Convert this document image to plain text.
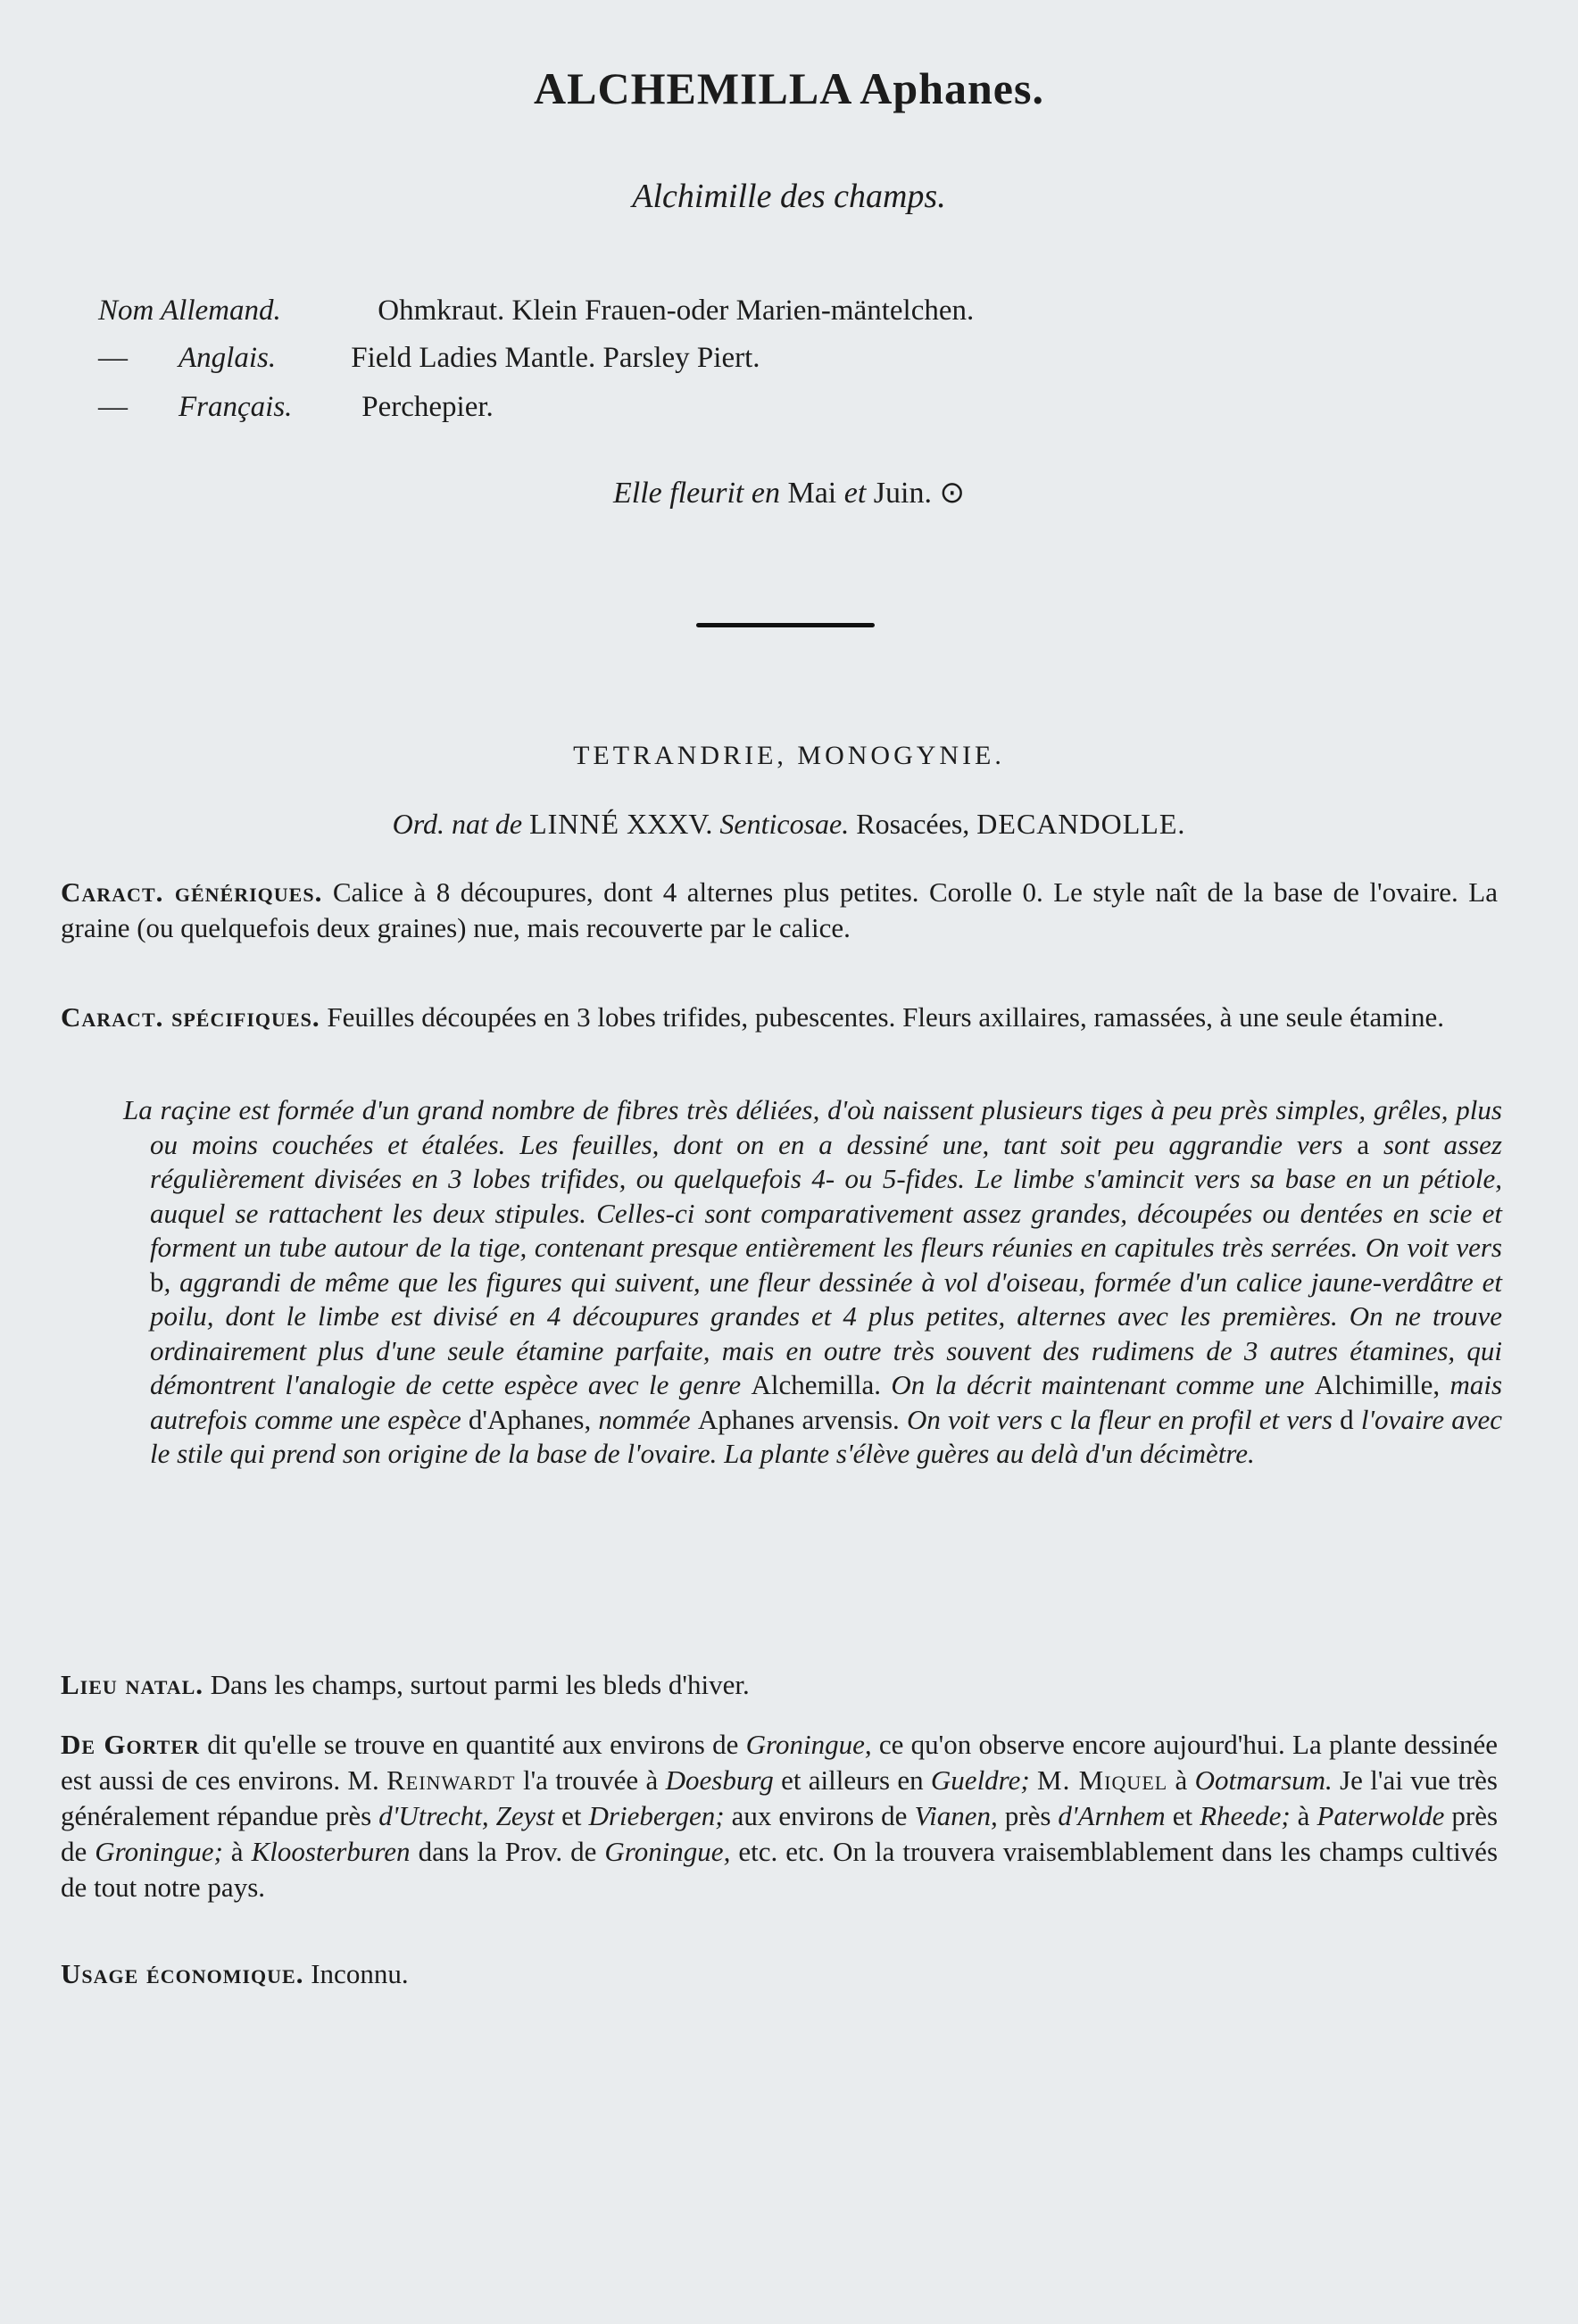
ALCHEMILLA Aphanes.
Alchimille des champs.
Nom Allemand.	Ohmkraut. Klein Frauen-oder Marien-mäntelchen.
— Anglais.	Field Ladies Mantle. Parsley Piert.
— Français. Perchepier.
Elle fleurit en Mai et Juin. ⊙
TETRANDRIE, MONOGYNIE.
Ord. nat de LINNÉ XXXV. Senticosae. Rosacées, DECANDOLLE.
Caract. génériques. Calice à 8 découpures, dont 4 alternes plus petites. Corolle 0. Le style naît de la base de l'ovaire. La graine (ou quelquefois deux graines) nue, mais recouverte par le calice.
Caract. spécifiques. Feuilles découpées en 3 lobes trifides, pubescentes. Fleurs axillaires, ramassées, à une seule étamine.
La raçine est formée d'un grand nombre de fibres très déliées, d'où naissent plusieurs tiges à peu près simples, grêles, plus ou moins couchées et étalées. Les feuilles, dont on en a dessiné une, tant soit peu aggrandie vers a sont assez régulièrement divisées en 3 lobes trifides, ou quelquefois 4- ou 5-fides. Le limbe s'amincit vers sa base en un pétiole, auquel se rattachent les deux stipules. Celles-ci sont comparativement assez grandes, découpées ou dentées en scie et forment un tube autour de la tige, contenant presque entièrement les fleurs réunies en capitules très serrées. On voit vers b, aggrandi de même que les figures qui suivent, une fleur dessinée à vol d'oiseau, formée d'un calice jaune-verdâtre et poilu, dont le limbe est divisé en 4 découpures grandes et 4 plus petites, alternes avec les premières. On ne trouve ordinairement plus d'une seule étamine parfaite, mais en outre très souvent des rudimens de 3 autres étamines, qui démontrent l'analogie de cette espèce avec le genre Alchemilla. On la décrit maintenant comme une Alchimille, mais autrefois comme une espèce d'Aphanes, nommée Aphanes arvensis. On voit vers c la fleur en profil et vers d l'ovaire avec le stile qui prend son origine de la base de l'ovaire. La plante s'élève guères au delà d'un décimètre.
Lieu natal. Dans les champs, surtout parmi les bleds d'hiver.
De Gorter dit qu'elle se trouve en quantité aux environs de Groningue, ce qu'on observe encore aujourd'hui. La plante dessinée est aussi de ces environs. M. Reinwardt l'a trouvée à Doesburg et ailleurs en Gueldre; M. Miquel à Ootmarsum. Je l'ai vue très généralement répandue près d'Utrecht, Zeyst et Driebergen; aux environs de Vianen, près d'Arnhem et Rheede; à Paterwolde près de Groningue; à Kloosterburen dans la Prov. de Groningue, etc. etc. On la trouvera vraisemblablement dans les champs cultivés de tout notre pays.
Usage économique. Inconnu.
